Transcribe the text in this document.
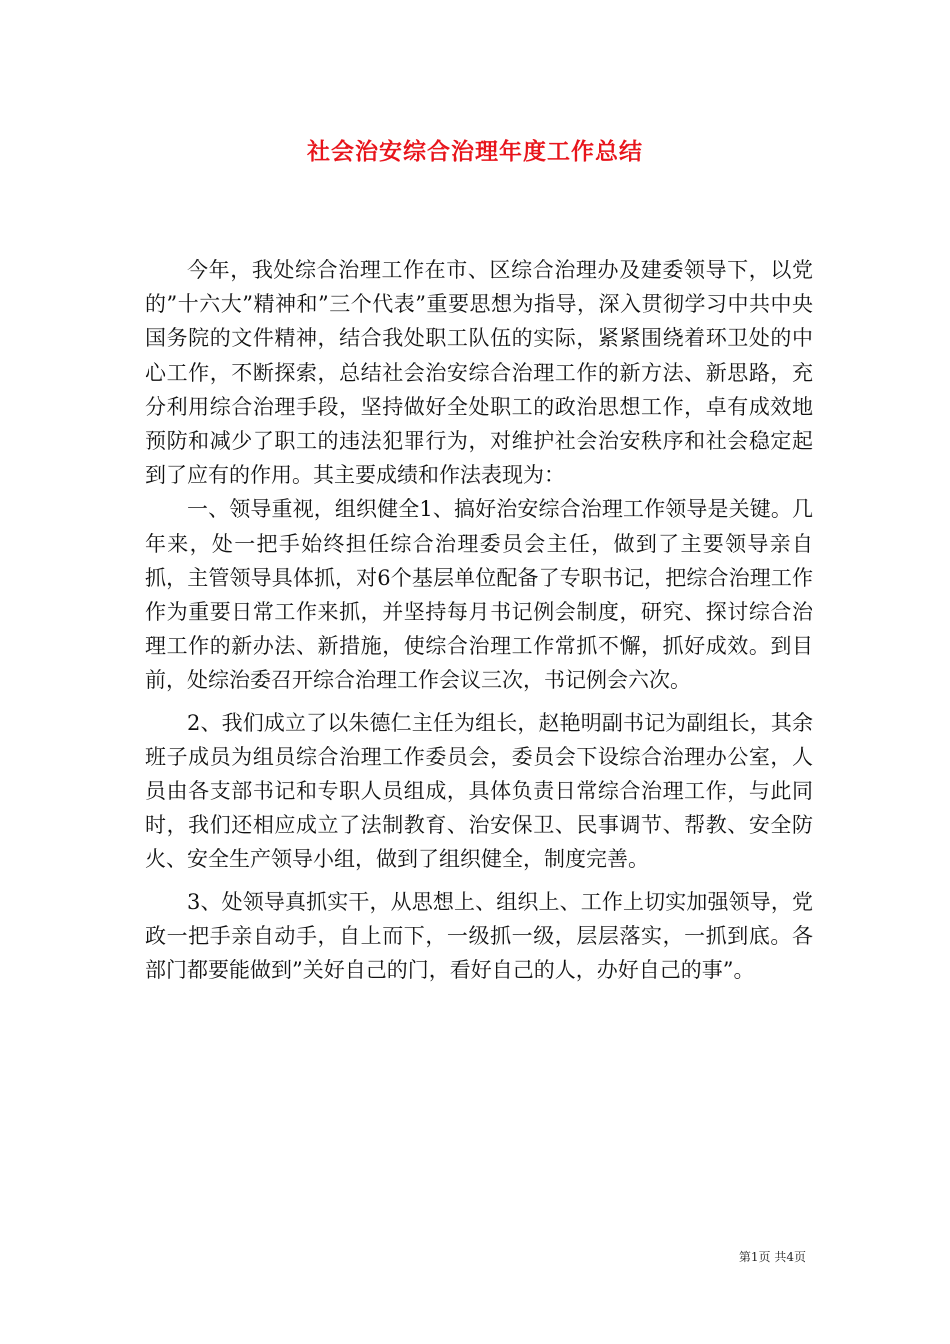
社会治安综合治理年度工作总结

今年，我处综合治理工作在市、区综合治理办及建委领导下，以党的”十六大”精神和”三个代表”重要思想为指导，深入贯彻学习中共中央国务院的文件精神，结合我处职工队伍的实际，紧紧围绕着环卫处的中心工作，不断探索，总结社会治安综合治理工作的新方法、新思路，充分利用综合治理手段，坚持做好全处职工的政治思想工作，卓有成效地预防和减少了职工的违法犯罪行为，对维护社会治安秩序和社会稳定起到了应有的作用。其主要成绩和作法表现为：

一、领导重视，组织健全1、搞好治安综合治理工作领导是关键。几年来，处一把手始终担任综合治理委员会主任，做到了主要领导亲自抓，主管领导具体抓，对6个基层单位配备了专职书记，把综合治理工作作为重要日常工作来抓，并坚持每月书记例会制度，研究、探讨综合治理工作的新办法、新措施，使综合治理工作常抓不懈，抓好成效。到目前，处综治委召开综合治理工作会议三次，书记例会六次。

2、我们成立了以朱德仁主任为组长，赵艳明副书记为副组长，其余班子成员为组员综合治理工作委员会，委员会下设综合治理办公室，人员由各支部书记和专职人员组成，具体负责日常综合治理工作，与此同时，我们还相应成立了法制教育、治安保卫、民事调节、帮教、安全防火、安全生产领导小组，做到了组织健全，制度完善。

3、处领导真抓实干，从思想上、组织上、工作上切实加强领导，党政一把手亲自动手，自上而下，一级抓一级，层层落实，一抓到底。各部门都要能做到”关好自己的门，看好自己的人，办好自己的事”。

第1页 共4页
